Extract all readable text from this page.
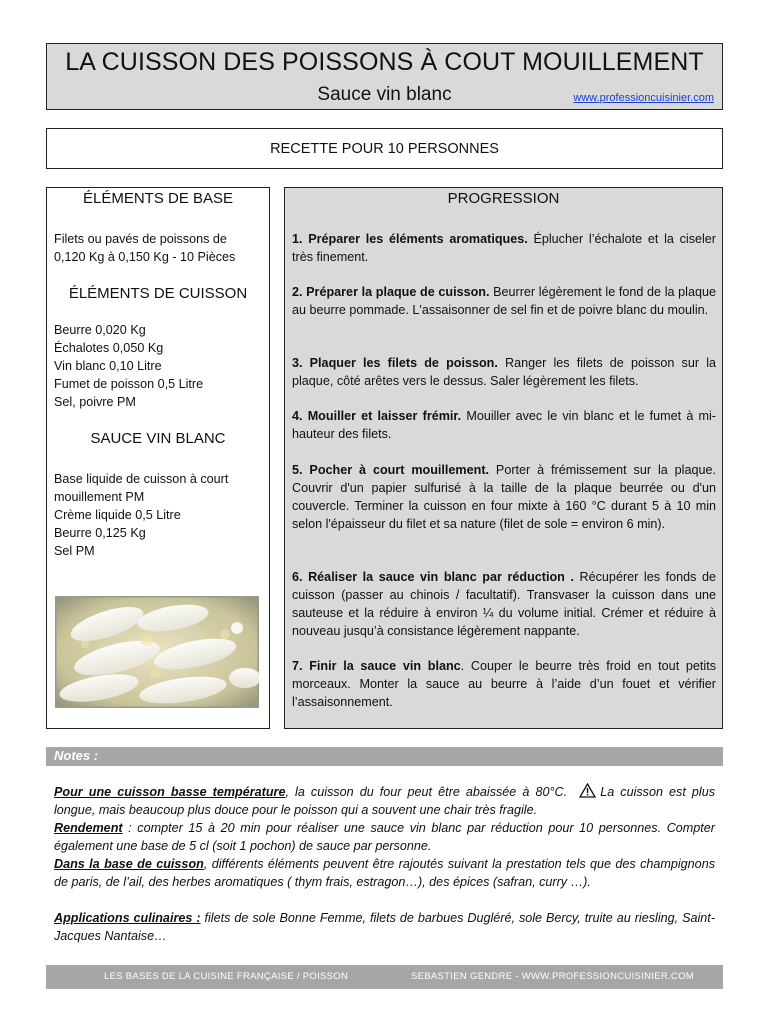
LA CUISSON DES POISSONS À COUT MOUILLEMENT
Sauce vin blanc	www.professioncuisinier.com
RECETTE POUR 10 PERSONNES

ÉLÉMENTS DE BASE

Filets ou pavés de poissons de

0,120 Kg à 0,150 Kg - 10 Pièces

ÉLÉMENTS DE CUISSON

Beurre 0,020 Kg

Échalotes 0,050 Kg

Vin blanc 0,10 Litre

Fumet de poisson 0,5 Litre

Sel, poivre PM

SAUCE VIN BLANC

Base liquide de cuisson à court mouillement PM

Crème liquide 0,5 Litre

Beurre 0,125 Kg

Sel PM

PROGRESSION

1. Préparer les éléments aromatiques. Éplucher l’échalote et la ciseler très finement.

2. Préparer la plaque de cuisson. Beurrer légèrement le fond de la plaque au beurre pommade. L'assaisonner de sel fin et de poivre blanc du moulin.

3. Plaquer les filets de poisson. Ranger les filets de poisson sur la plaque, côté arêtes vers le dessus. Saler légèrement les filets.

4. Mouiller et laisser frémir. Mouiller avec le vin blanc et le fumet à mi-hauteur des filets.

5. Pocher à court mouillement. Porter à frémissement sur la plaque. Couvrir d'un papier sulfurisé à la taille de la plaque beurrée ou d'un couvercle. Terminer la cuisson en four mixte à 160 °C durant 5 à 10 min selon l'épaisseur du filet et sa nature (filet de sole = environ 6 min).

6. Réaliser la sauce vin blanc par réduction . Récupérer les fonds de cuisson (passer au chinois / facultatif). Transvaser la cuisson dans une sauteuse et la réduire à environ ¼ du volume initial. Crémer et réduire à nouveau jusqu’à consistance légèrement nappante.

7. Finir la sauce vin blanc. Couper le beurre très froid en tout petits morceaux. Monter la sauce au beurre à l’aide d’un fouet et vérifier l’assaisonnement.

Notes :

Pour une cuisson basse température, la cuisson du four peut être abaissée à 80°C.	La cuisson est plus longue, mais beaucoup plus douce pour le poisson qui a souvent une chair très fragile.

Rendement : compter 15 à 20 min pour réaliser une sauce vin blanc par réduction pour 10 personnes. Compter également une base de 5 cl (soit 1 pochon) de sauce par personne.

Dans la base de cuisson, différents éléments peuvent être rajoutés suivant la prestation tels que des champignons de paris, de l’ail, des herbes aromatiques ( thym frais, estragon…), des épices (safran, curry …).

Applications culinaires : filets de sole Bonne Femme, filets de barbues Dugléré, sole Bercy, truite au riesling, Saint-Jacques Nantaise…

LES BASES DE LA CUISINE FRANÇAISE / POISSON	SEBASTIEN GENDRE - WWW.PROFESSIONCUISINIER.COM
